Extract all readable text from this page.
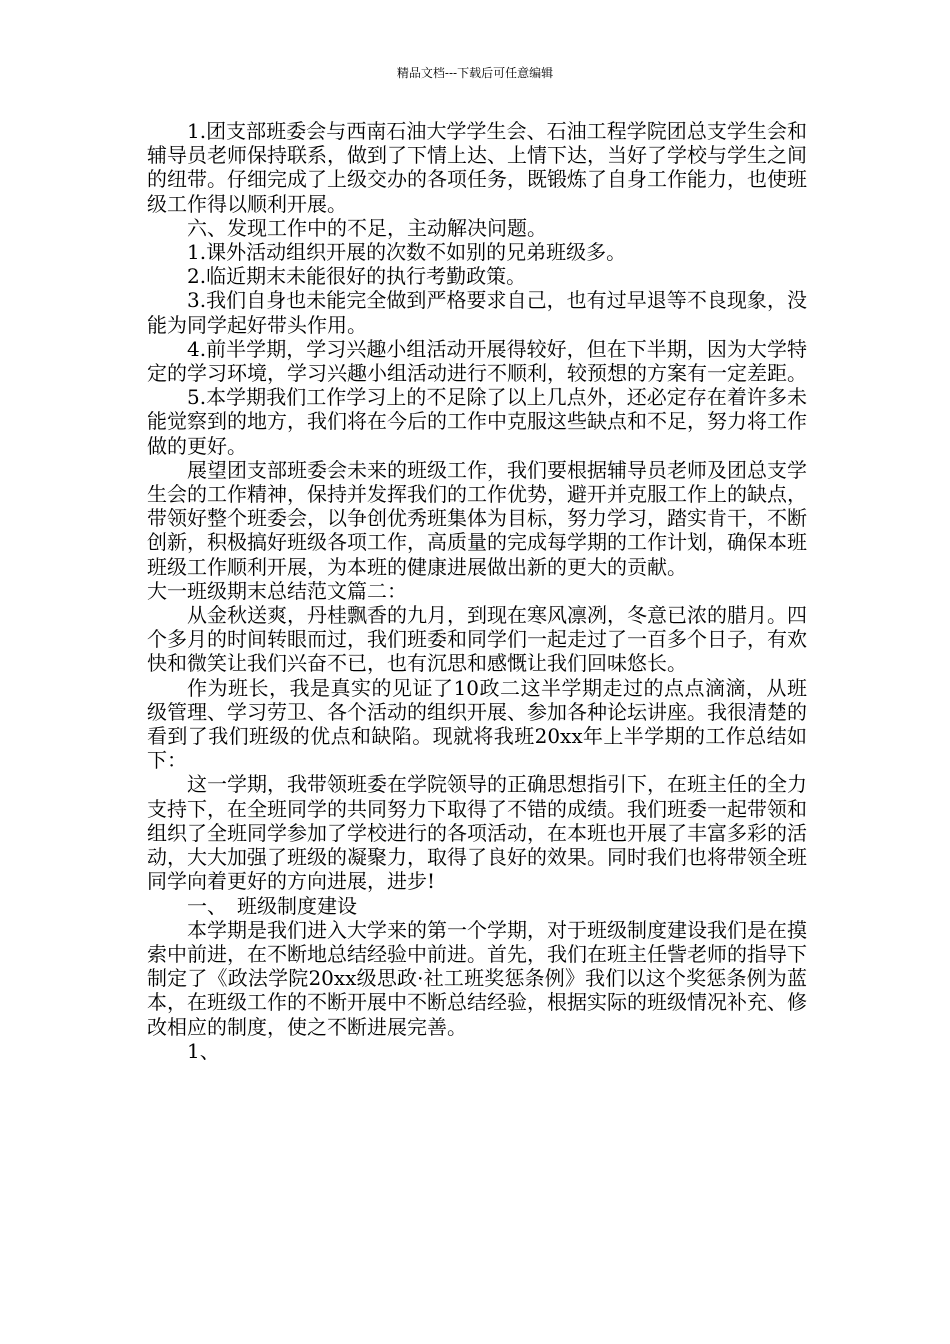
精品文档---下载后可任意编辑

1.团支部班委会与西南石油大学学生会、石油工程学院团总支学生会和辅导员老师保持联系，做到了下情上达、上情下达，当好了学校与学生之间的纽带。仔细完成了上级交办的各项任务，既锻炼了自身工作能力，也使班级工作得以顺利开展。

六、发现工作中的不足，主动解决问题。

1.课外活动组织开展的次数不如别的兄弟班级多。

2.临近期末未能很好的执行考勤政策。

3.我们自身也未能完全做到严格要求自己，也有过早退等不良现象，没能为同学起好带头作用。

4.前半学期，学习兴趣小组活动开展得较好，但在下半期，因为大学特定的学习环境，学习兴趣小组活动进行不顺利，较预想的方案有一定差距。

5.本学期我们工作学习上的不足除了以上几点外，还必定存在着许多未能觉察到的地方，我们将在今后的工作中克服这些缺点和不足，努力将工作做的更好。

展望团支部班委会未来的班级工作，我们要根据辅导员老师及团总支学生会的工作精神，保持并发挥我们的工作优势，避开并克服工作上的缺点，带领好整个班委会，以争创优秀班集体为目标，努力学习，踏实肯干，不断创新，积极搞好班级各项工作，高质量的完成每学期的工作计划，确保本班班级工作顺利开展，为本班的健康进展做出新的更大的贡献。

大一班级期末总结范文篇二：

从金秋送爽，丹桂飘香的九月，到现在寒风凛冽，冬意已浓的腊月。四个多月的时间转眼而过，我们班委和同学们一起走过了一百多个日子，有欢快和微笑让我们兴奋不已，也有沉思和感慨让我们回味悠长。

作为班长，我是真实的见证了10政二这半学期走过的点点滴滴，从班级管理、学习劳卫、各个活动的组织开展、参加各种论坛讲座。我很清楚的看到了我们班级的优点和缺陷。现就将我班20xx年上半学期的工作总结如下：

这一学期，我带领班委在学院领导的正确思想指引下，在班主任的全力支持下，在全班同学的共同努力下取得了不错的成绩。我们班委一起带领和组织了全班同学参加了学校进行的各项活动，在本班也开展了丰富多彩的活动，大大加强了班级的凝聚力，取得了良好的效果。同时我们也将带领全班同学向着更好的方向进展，进步!

一、　班级制度建设

本学期是我们进入大学来的第一个学期，对于班级制度建设我们是在摸索中前进，在不断地总结经验中前进。首先，我们在班主任訾老师的指导下制定了《政法学院20xx级思政·社工班奖惩条例》我们以这个奖惩条例为蓝本，在班级工作的不断开展中不断总结经验，根据实际的班级情况补充、修改相应的制度，使之不断进展完善。

1、
